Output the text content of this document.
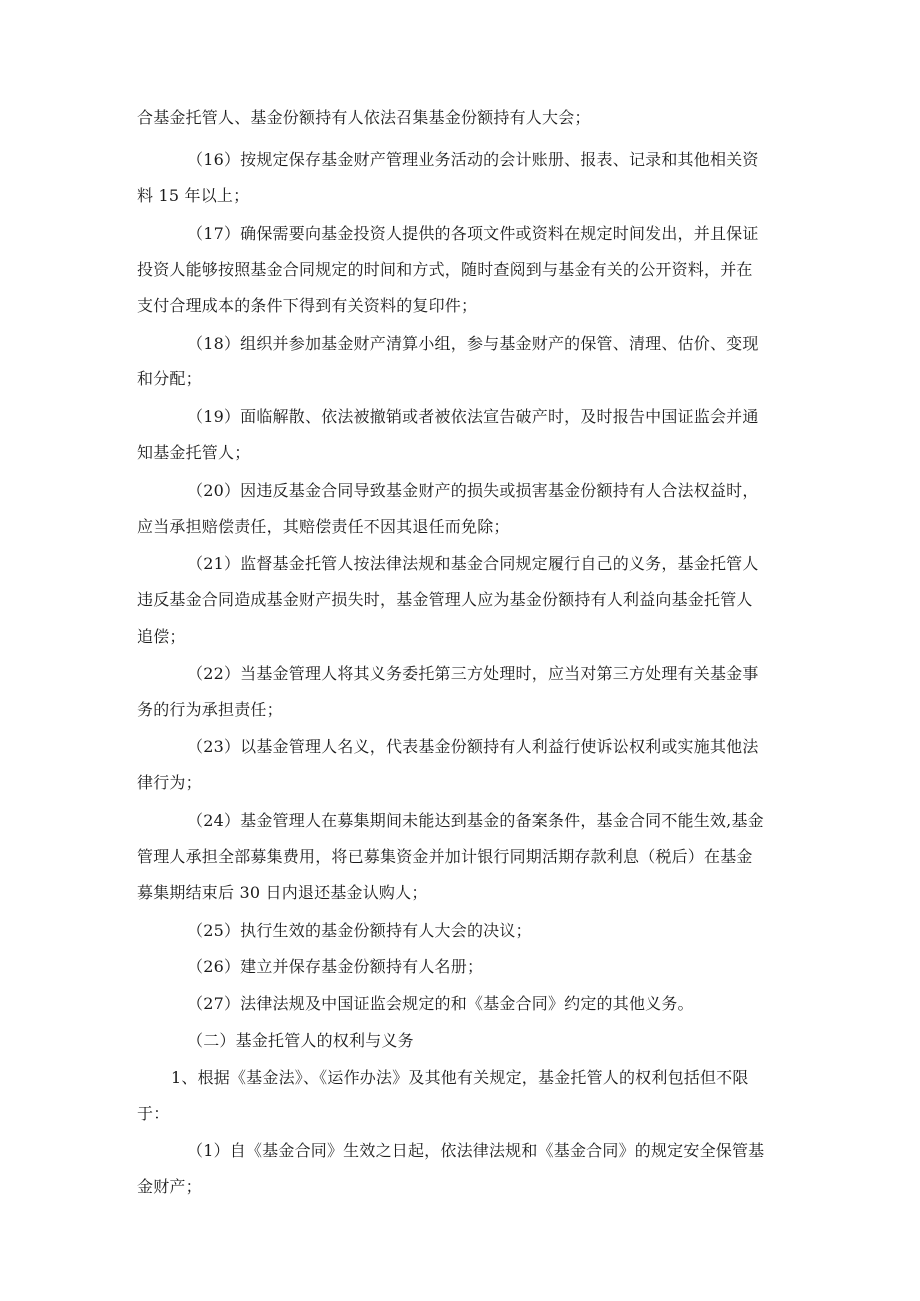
合基金托管人、基金份额持有人依法召集基金份额持有人大会；
（16）按规定保存基金财产管理业务活动的会计账册、报表、记录和其他相关资
料 15 年以上；
（17）确保需要向基金投资人提供的各项文件或资料在规定时间发出，并且保证
投资人能够按照基金合同规定的时间和方式，随时查阅到与基金有关的公开资料，并在
支付合理成本的条件下得到有关资料的复印件；
（18）组织并参加基金财产清算小组，参与基金财产的保管、清理、估价、变现
和分配；
（19）面临解散、依法被撤销或者被依法宣告破产时，及时报告中国证监会并通
知基金托管人；
（20）因违反基金合同导致基金财产的损失或损害基金份额持有人合法权益时，
应当承担赔偿责任，其赔偿责任不因其退任而免除；
（21）监督基金托管人按法律法规和基金合同规定履行自己的义务，基金托管人
违反基金合同造成基金财产损失时，基金管理人应为基金份额持有人利益向基金托管人
追偿；
（22）当基金管理人将其义务委托第三方处理时，应当对第三方处理有关基金事
务的行为承担责任；
（23）以基金管理人名义，代表基金份额持有人利益行使诉讼权利或实施其他法
律行为；
（24）基金管理人在募集期间未能达到基金的备案条件，基金合同不能生效,基金
管理人承担全部募集费用，将已募集资金并加计银行同期活期存款利息（税后）在基金
募集期结束后 30 日内退还基金认购人；
（25）执行生效的基金份额持有人大会的决议；
（26）建立并保存基金份额持有人名册；
（27）法律法规及中国证监会规定的和《基金合同》约定的其他义务。
（二）基金托管人的权利与义务
1、根据《基金法》、《运作办法》及其他有关规定，基金托管人的权利包括但不限
于：
（1）自《基金合同》生效之日起，依法律法规和《基金合同》的规定安全保管基
金财产；
